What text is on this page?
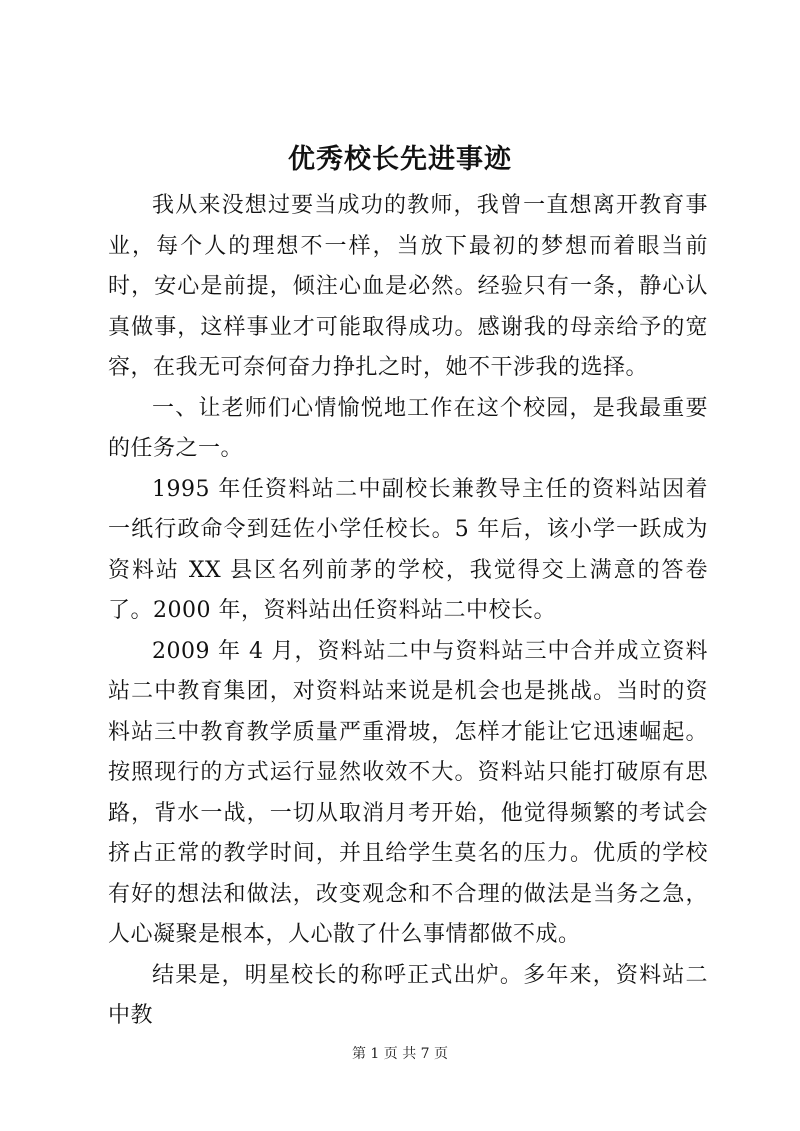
优秀校长先进事迹

我从来没想过要当成功的教师，我曾一直想离开教育事业，每个人的理想不一样，当放下最初的梦想而着眼当前时，安心是前提，倾注心血是必然。经验只有一条，静心认真做事，这样事业才可能取得成功。感谢我的母亲给予的宽容，在我无可奈何奋力挣扎之时，她不干涉我的选择。

一、让老师们心情愉悦地工作在这个校园，是我最重要的任务之一。

1995 年任资料站二中副校长兼教导主任的资料站因着一纸行政命令到廷佐小学任校长。5 年后，该小学一跃成为资料站 XX 县区名列前茅的学校，我觉得交上满意的答卷了。2000 年，资料站出任资料站二中校长。

2009 年 4 月，资料站二中与资料站三中合并成立资料站二中教育集团，对资料站来说是机会也是挑战。当时的资料站三中教育教学质量严重滑坡，怎样才能让它迅速崛起。按照现行的方式运行显然收效不大。资料站只能打破原有思路，背水一战，一切从取消月考开始，他觉得频繁的考试会挤占正常的教学时间，并且给学生莫名的压力。优质的学校有好的想法和做法，改变观念和不合理的做法是当务之急，人心凝聚是根本，人心散了什么事情都做不成。

结果是，明星校长的称呼正式出炉。多年来，资料站二中教

第 1 页 共 7 页
